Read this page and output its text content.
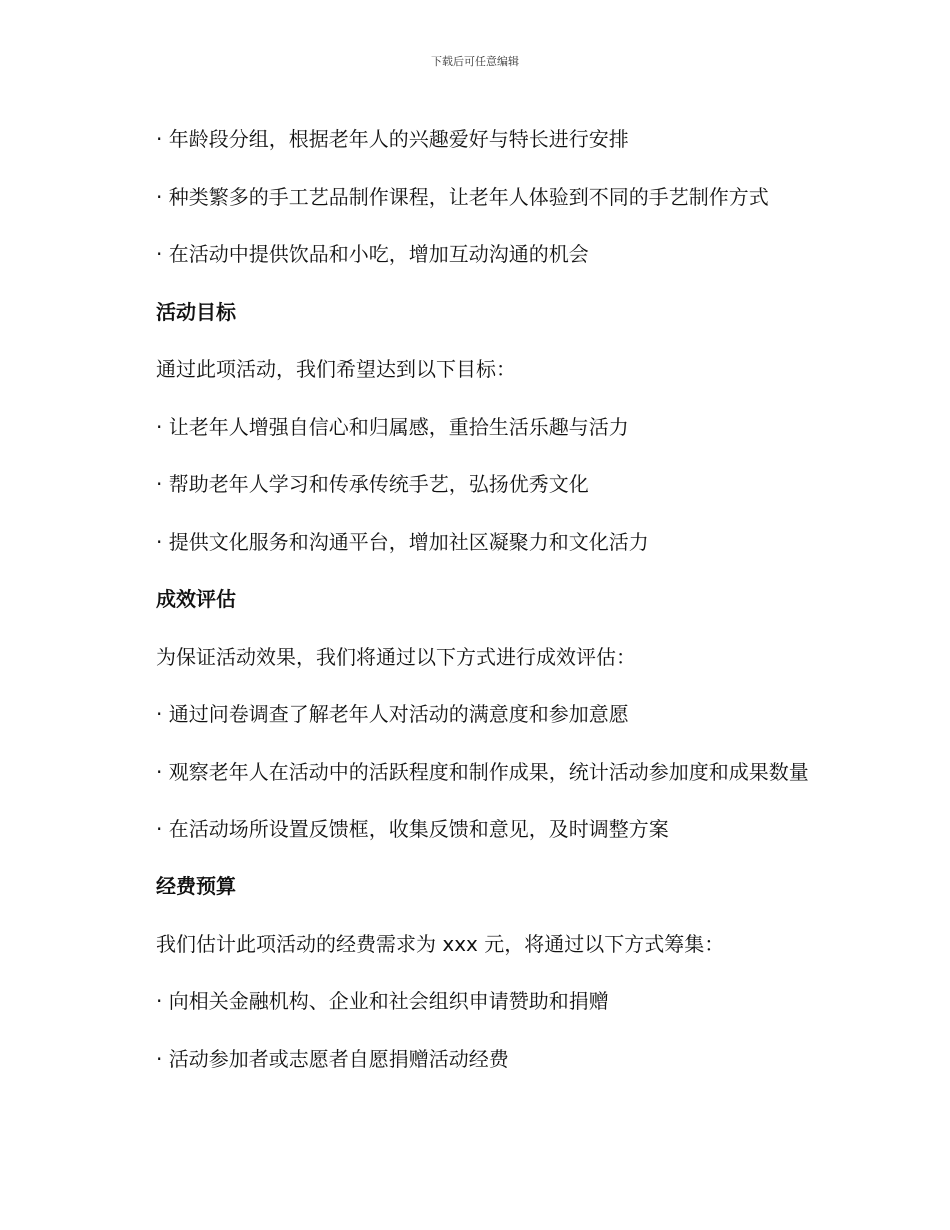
下载后可任意编辑

· 年龄段分组，根据老年人的兴趣爱好与特长进行安排

· 种类繁多的手工艺品制作课程，让老年人体验到不同的手艺制作方式

· 在活动中提供饮品和小吃，增加互动沟通的机会

活动目标

通过此项活动，我们希望达到以下目标：

· 让老年人增强自信心和归属感，重拾生活乐趣与活力

· 帮助老年人学习和传承传统手艺，弘扬优秀文化

· 提供文化服务和沟通平台，增加社区凝聚力和文化活力

成效评估

为保证活动效果，我们将通过以下方式进行成效评估：

· 通过问卷调查了解老年人对活动的满意度和参加意愿

· 观察老年人在活动中的活跃程度和制作成果，统计活动参加度和成果数量

· 在活动场所设置反馈框，收集反馈和意见，及时调整方案

经费预算

我们估计此项活动的经费需求为 xxx 元，将通过以下方式筹集：

· 向相关金融机构、企业和社会组织申请赞助和捐赠

· 活动参加者或志愿者自愿捐赠活动经费
